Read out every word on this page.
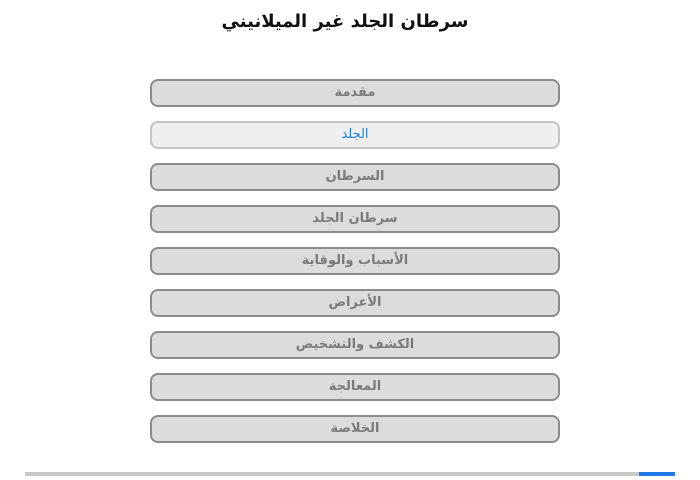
سرطان الجلد غير الميلانيني
مقدمة
الجلد
السرطان
سرطان الجلد
الأسباب والوقاية
الأعراض
الكشف والتشخيص
المعالجة
الخلاصة
